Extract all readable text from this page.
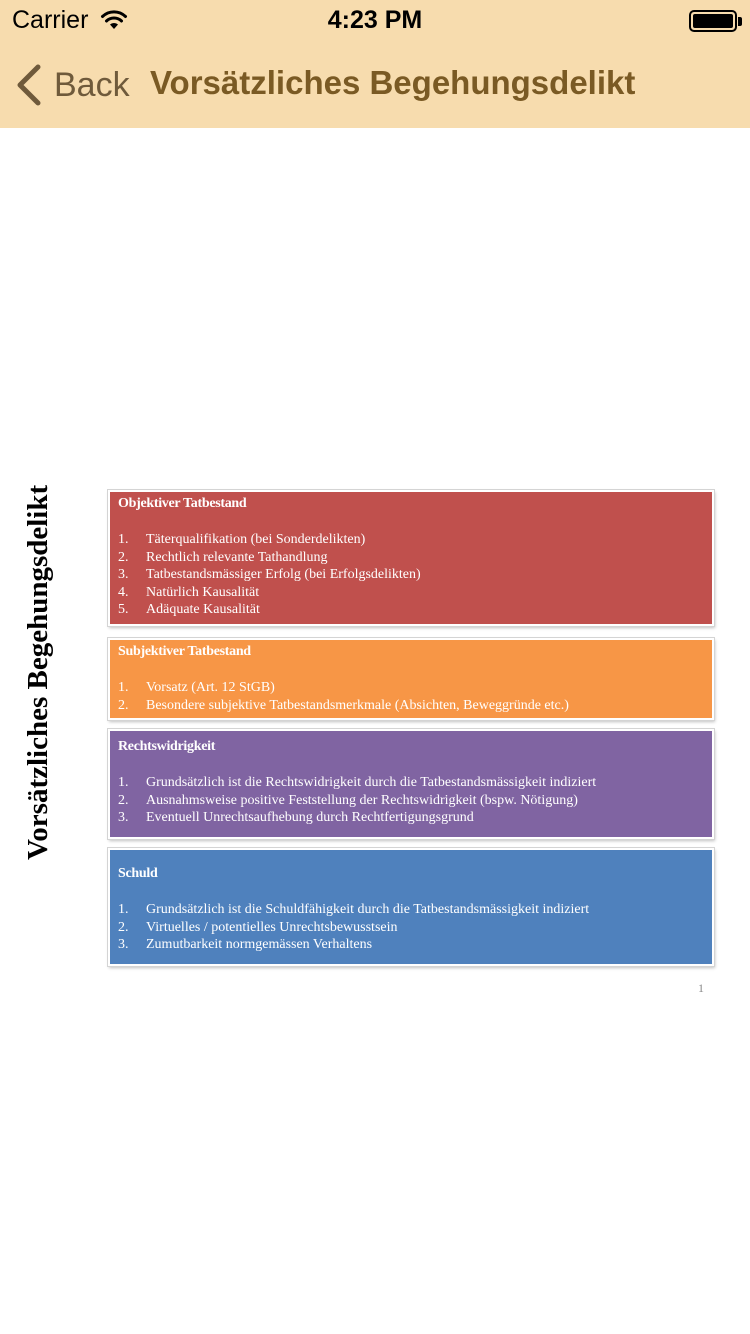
Carrier	4:23 PM
Back Vorsätzliches Begehungsdelikt
Vorsätzliches Begehungsdelikt	Objektiver Tatbestand
1.	Täterqualifikation (bei Sonderdelikten)
2.	Rechtlich relevante Tathandlung
3.	Tatbestandsmässiger Erfolg (bei Erfolgsdelikten)
4.	Natürlich Kausalität
5.	Adäquate Kausalität
Subjektiver Tatbestand
1.	Vorsatz (Art. 12 StGB)
2.	Besondere subjektive Tatbestandsmerkmale (Absichten, Beweggründe etc.)
Rechtswidrigkeit
1.	Grundsätzlich ist die Rechtswidrigkeit durch die Tatbestandsmässigkeit indiziert
2.	Ausnahmsweise positive Feststellung der Rechtswidrigkeit (bspw. Nötigung)
3.	Eventuell Unrechtsaufhebung durch Rechtfertigungsgrund
Schuld
1.	Grundsätzlich ist die Schuldfähigkeit durch die Tatbestandsmässigkeit indiziert
2.	Virtuelles / potentielles Unrechtsbewusstsein
3.	Zumutbarkeit normgemässen Verhaltens
1
